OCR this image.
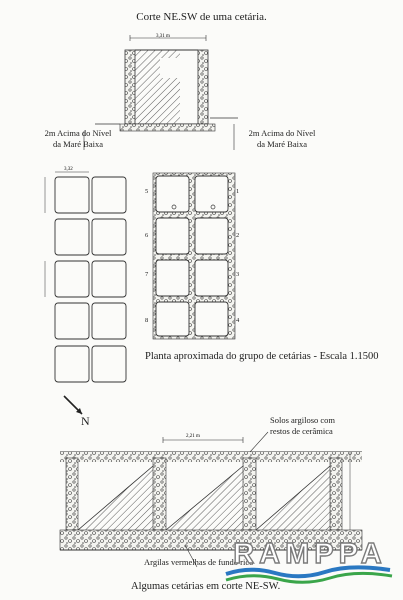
Corte NE.SW de uma cetária.
3,31 m
3,32
5	1
6	2
7	3
8	4
2,21 m
2m Acima do Nível
da Maré Baixa
2m Acima do Nível
da Maré Baixa
Planta aproximada do grupo de cetárias - Escala 1.1500
N	Solos argiloso com
restos de cerâmica
Argilas vermelhas de fundo rico
Algumas cetárias em corte NE-SW.
RAMPPA
